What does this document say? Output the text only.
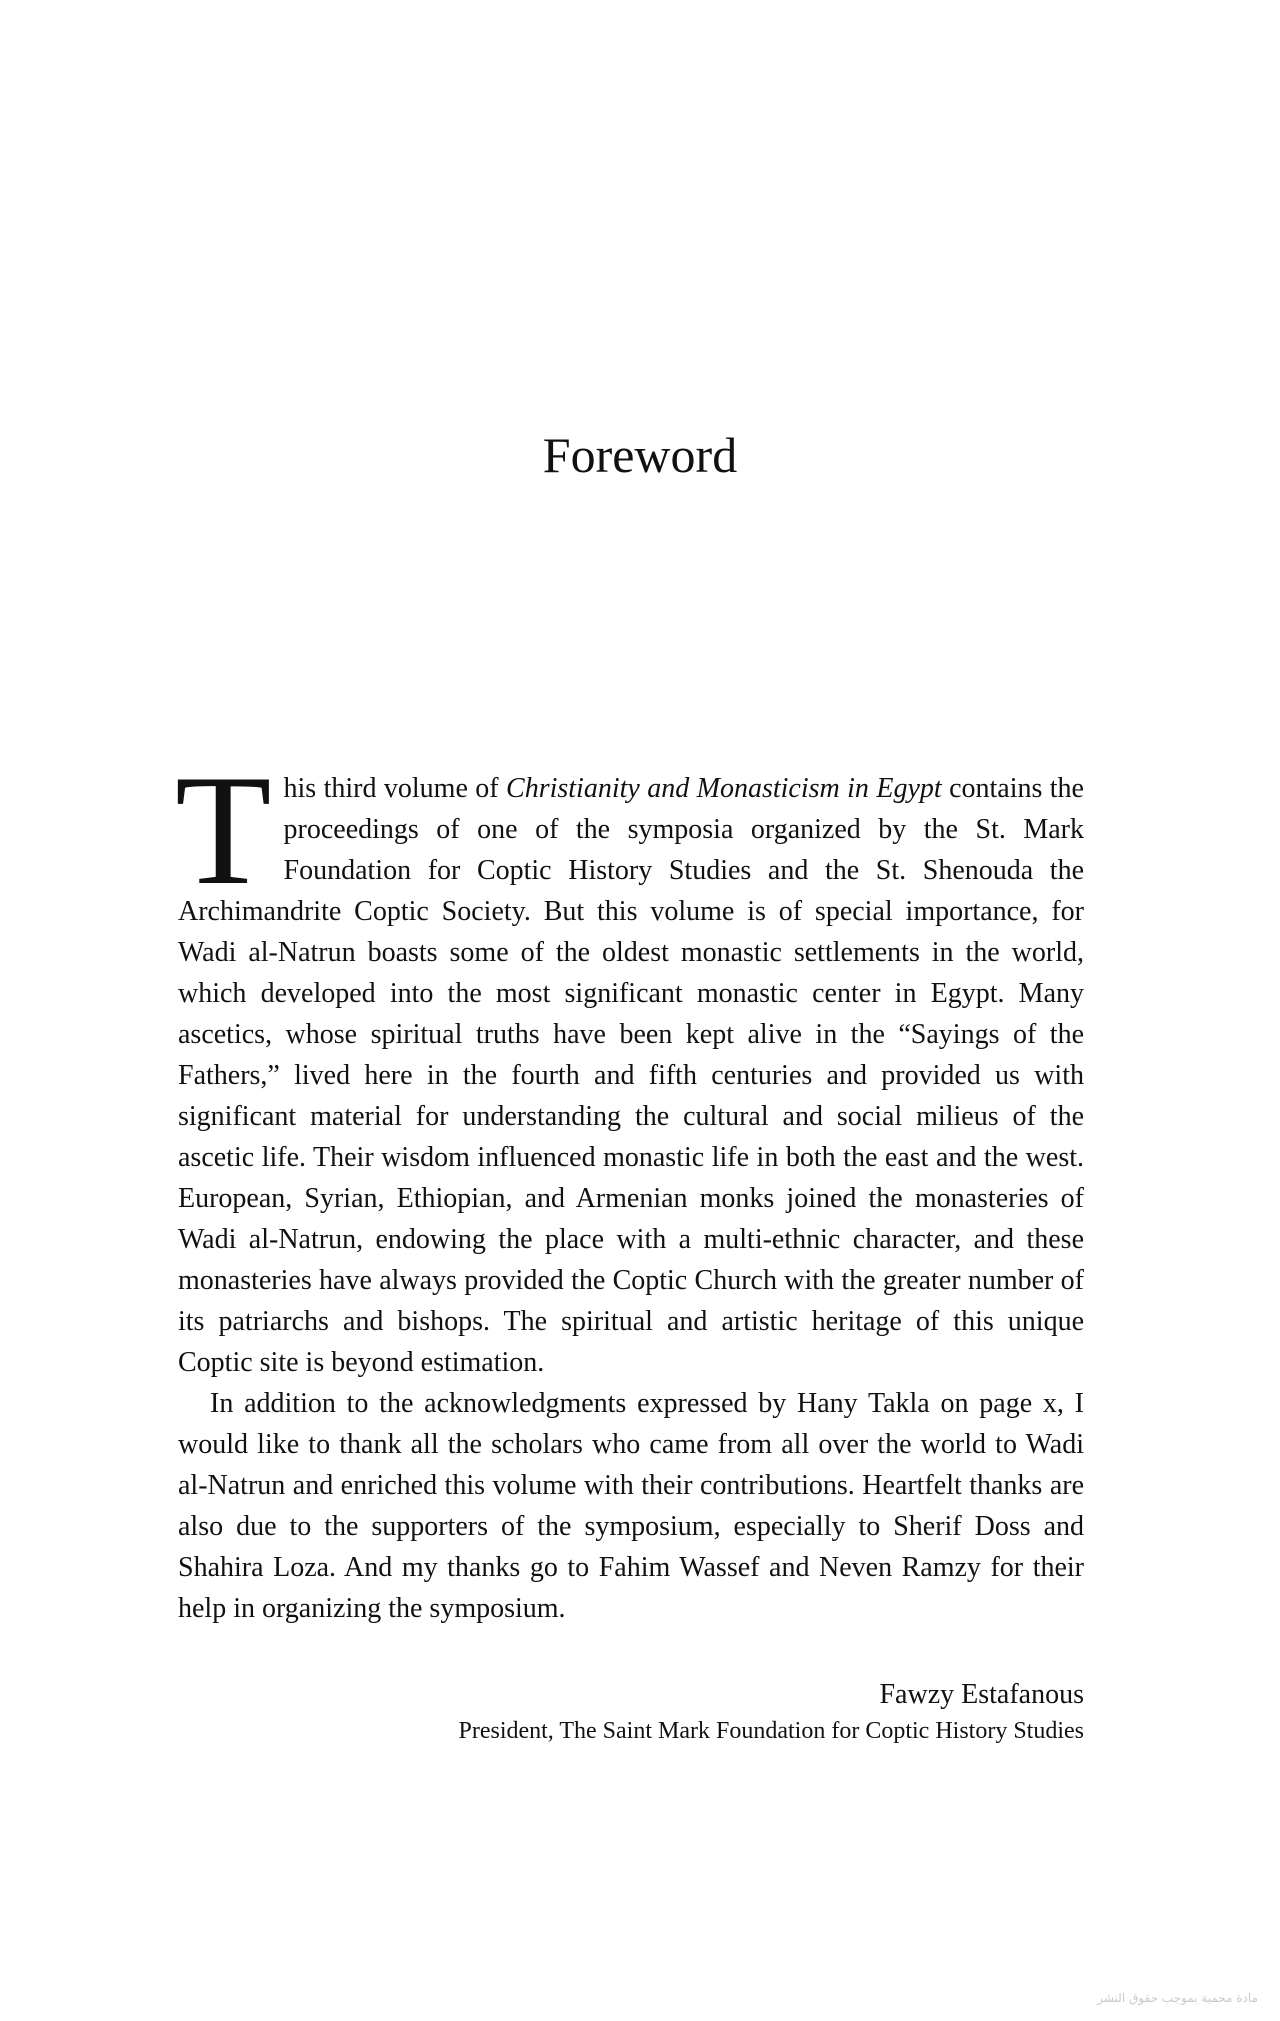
Foreword

This third volume of Christianity and Monasticism in Egypt contains the proceedings of one of the symposia organized by the St. Mark Foundation for Coptic History Studies and the St. Shenouda the Archimandrite Coptic Society. But this volume is of special importance, for Wadi al-Natrun boasts some of the oldest monastic settlements in the world, which developed into the most significant monastic center in Egypt. Many ascetics, whose spiritual truths have been kept alive in the “Sayings of the Fathers,” lived here in the fourth and fifth centuries and provided us with significant material for understanding the cultural and social milieus of the ascetic life. Their wisdom influenced monastic life in both the east and the west. European, Syrian, Ethiopian, and Armenian monks joined the monasteries of Wadi al-Natrun, endowing the place with a multi-ethnic character, and these monasteries have always provided the Coptic Church with the greater number of its patriarchs and bishops. The spiritual and artistic heritage of this unique Coptic site is beyond estimation.

In addition to the acknowledgments expressed by Hany Takla on page x, I would like to thank all the scholars who came from all over the world to Wadi al-Natrun and enriched this volume with their contributions. Heartfelt thanks are also due to the supporters of the symposium, especially to Sherif Doss and Shahira Loza. And my thanks go to Fahim Wassef and Neven Ramzy for their help in organizing the symposium.

Fawzy Estafanous
President, The Saint Mark Foundation for Coptic History Studies
مادة محمية بموجب حقوق النشر
